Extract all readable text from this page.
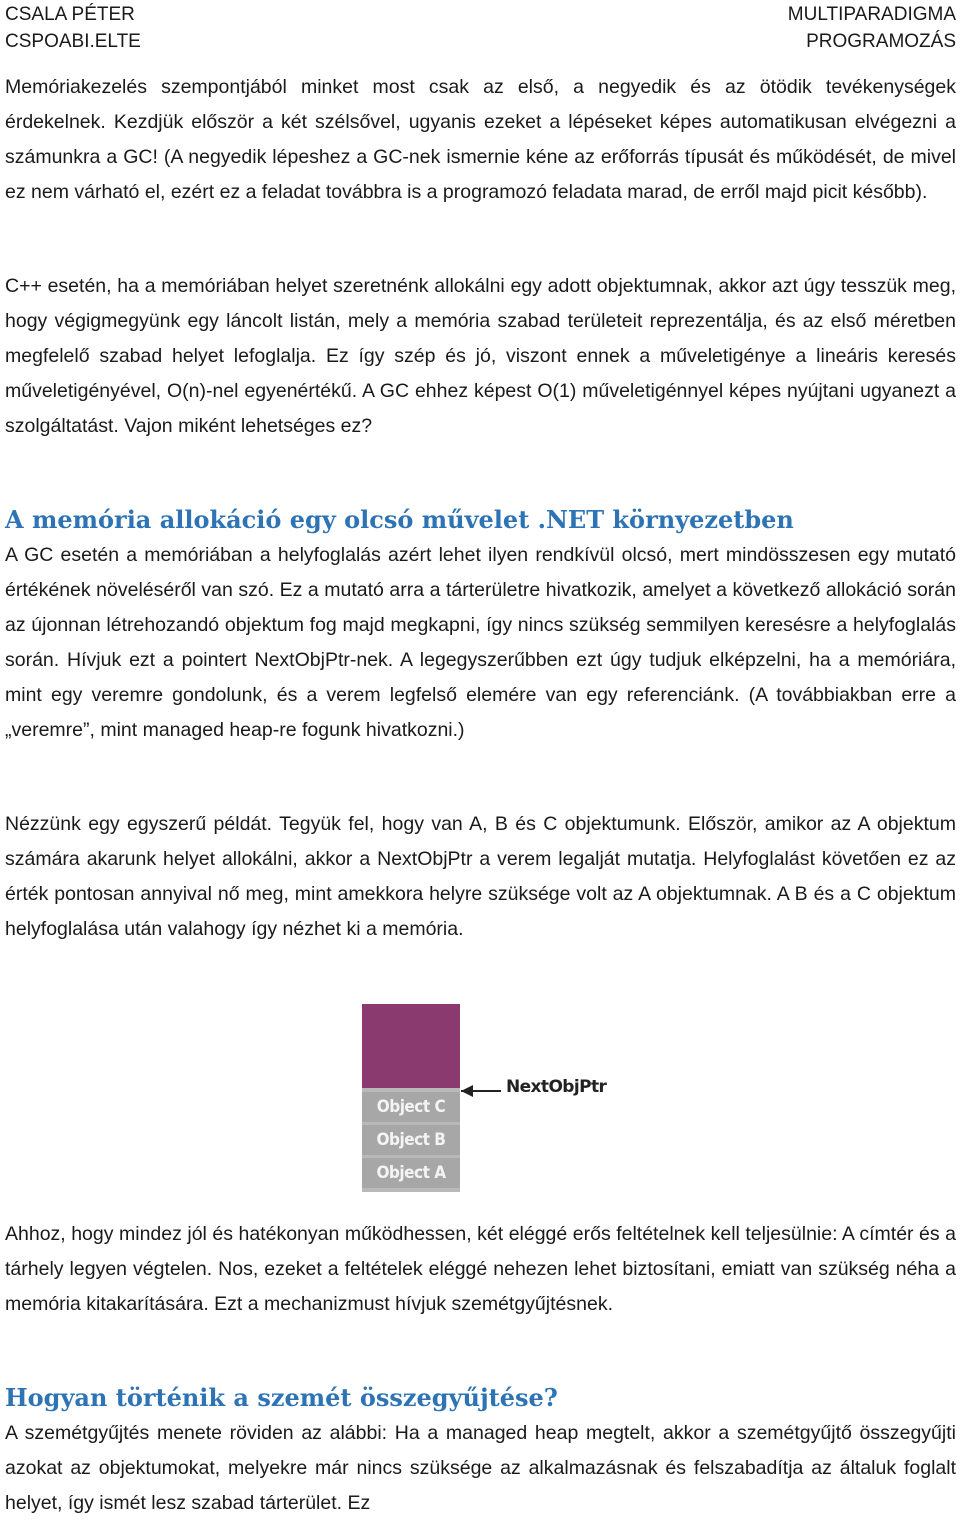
CSALA PÉTER
CSPOABI.ELTE
MULTIPARADIGMA
PROGRAMOZÁS

Memóriakezelés szempontjából minket most csak az első, a negyedik és az ötödik tevékenységek érdekelnek. Kezdjük először a két szélsővel, ugyanis ezeket a lépéseket képes automatikusan elvégezni a számunkra a GC! (A negyedik lépeshez a GC-nek ismernie kéne az erőforrás típusát és működését, de mivel ez nem várható el, ezért ez a feladat továbbra is a programozó feladata marad, de erről majd picit később).

C++ esetén, ha a memóriában helyet szeretnénk allokálni egy adott objektumnak, akkor azt úgy tesszük meg, hogy végigmegyünk egy láncolt listán, mely a memória szabad területeit reprezentálja, és az első méretben megfelelő szabad helyet lefoglalja. Ez így szép és jó, viszont ennek a műveletigénye a lineáris keresés műveletigényével, O(n)-nel egyenértékű. A GC ehhez képest O(1) műveletigénnyel képes nyújtani ugyanezt a szolgáltatást. Vajon miként lehetséges ez?

A memória allokáció egy olcsó művelet .NET környezetben

A GC esetén a memóriában a helyfoglalás azért lehet ilyen rendkívül olcsó, mert mindösszesen egy mutató értékének növeléséről van szó. Ez a mutató arra a tárterületre hivatkozik, amelyet a következő allokáció során az újonnan létrehozandó objektum fog majd megkapni, így nincs szükség semmilyen keresésre a helyfoglalás során. Hívjuk ezt a pointert NextObjPtr-nek. A legegyszerűbben ezt úgy tudjuk elképzelni, ha a memóriára, mint egy veremre gondolunk, és a verem legfelső elemére van egy referenciánk. (A továbbiakban erre a „veremre”, mint managed heap-re fogunk hivatkozni.)

Nézzünk egy egyszerű példát. Tegyük fel, hogy van A, B és C objektumunk. Először, amikor az A objektum számára akarunk helyet allokálni, akkor a NextObjPtr a verem legalját mutatja. Helyfoglalást követően ez az érték pontosan annyival nő meg, mint amekkora helyre szüksége volt az A objektumnak. A B és a C objektum helyfoglalása után valahogy így nézhet ki a memória.

Object C
Object B
Object A
NextObjPtr

Ahhoz, hogy mindez jól és hatékonyan működhessen, két eléggé erős feltételnek kell teljesülnie: A címtér és a tárhely legyen végtelen. Nos, ezeket a feltételek eléggé nehezen lehet biztosítani, emiatt van szükség néha a memória kitakarítására. Ezt a mechanizmust hívjuk szemétgyűjtésnek.

Hogyan történik a szemét összegyűjtése?

A szemétgyűjtés menete röviden az alábbi: Ha a managed heap megtelt, akkor a szemétgyűjtő összegyűjti azokat az objektumokat, melyekre már nincs szüksége az alkalmazásnak és felszabadítja az általuk foglalt helyet, így ismét lesz szabad tárterület. Ez
